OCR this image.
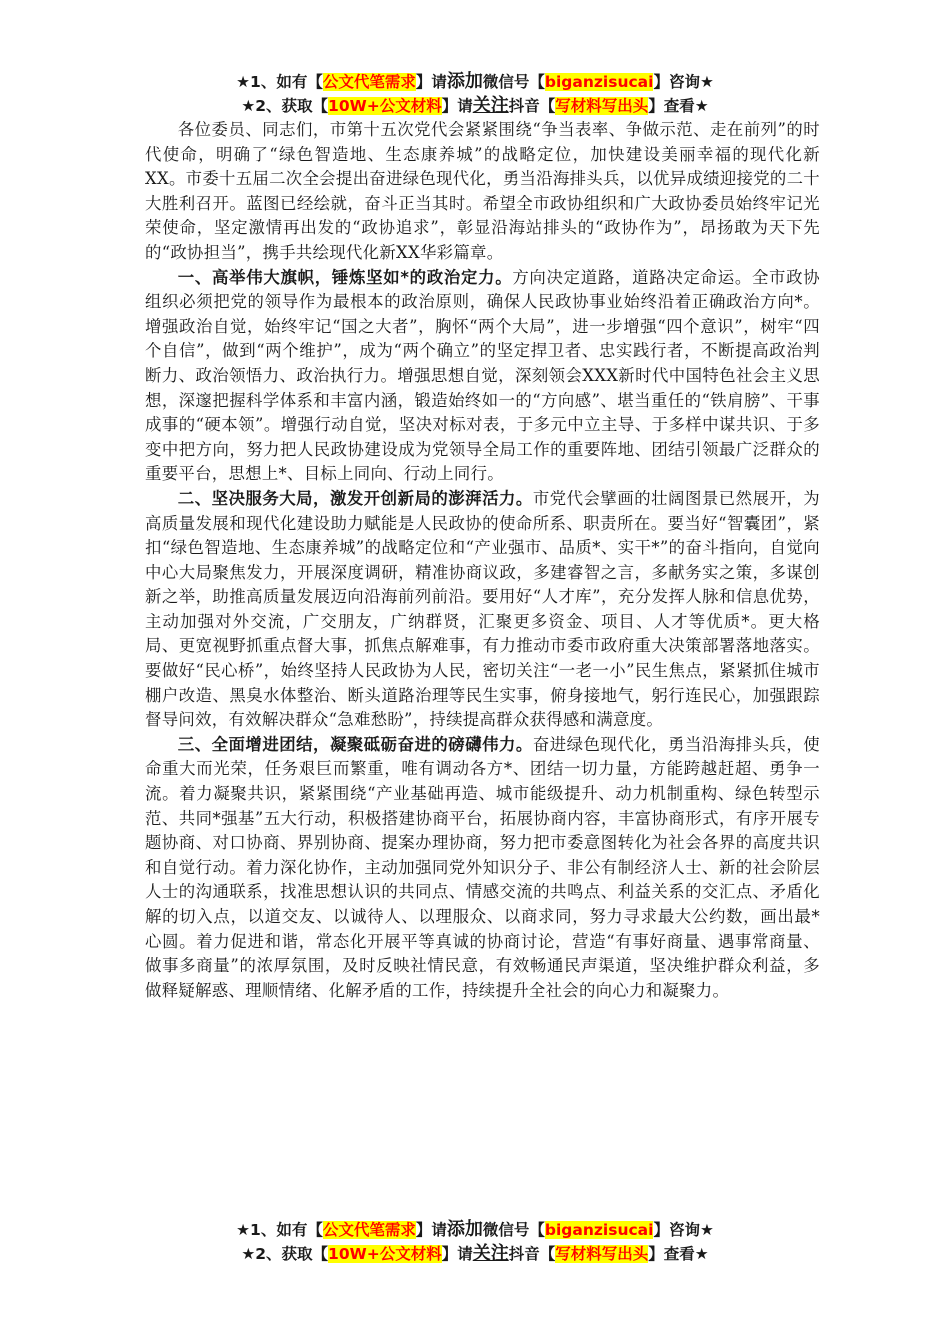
★1、如有【公文代笔需求】请添加微信号【biganzisucai】咨询★
★2、获取【10W+公文材料】请关注抖音【写材料写出头】查看★

各位委员、同志们，市第十五次党代会紧紧围绕“争当表率、争做示范、走在前列”的时代使命，明确了“绿色智造地、生态康养城”的战略定位，加快建设美丽幸福的现代化新XX。市委十五届二次全会提出奋进绿色现代化，勇当沿海排头兵，以优异成绩迎接党的二十大胜利召开。蓝图已经绘就，奋斗正当其时。希望全市政协组织和广大政协委员始终牢记光荣使命，坚定激情再出发的“政协追求”，彰显沿海站排头的“政协作为”，昂扬敢为天下先的“政协担当”，携手共绘现代化新XX华彩篇章。

一、高举伟大旗帜，锤炼坚如*的政治定力。方向决定道路，道路决定命运。全市政协组织必须把党的领导作为最根本的政治原则，确保人民政协事业始终沿着正确政治方向*。增强政治自觉，始终牢记“国之大者”，胸怀“两个大局”，进一步增强“四个意识”，树牢“四个自信”，做到“两个维护”，成为“两个确立”的坚定捍卫者、忠实践行者，不断提高政治判断力、政治领悟力、政治执行力。增强思想自觉，深刻领会XXX新时代中国特色社会主义思想，深邃把握科学体系和丰富内涵，锻造始终如一的“方向感”、堪当重任的“铁肩膀”、干事成事的“硬本领”。增强行动自觉，坚决对标对表，于多元中立主导、于多样中谋共识、于多变中把方向，努力把人民政协建设成为党领导全局工作的重要阵地、团结引领最广泛群众的重要平台，思想上*、目标上同向、行动上同行。

二、坚决服务大局，激发开创新局的澎湃活力。市党代会擘画的壮阔图景已然展开，为高质量发展和现代化建设助力赋能是人民政协的使命所系、职责所在。要当好“智囊团”，紧扣“绿色智造地、生态康养城”的战略定位和“产业强市、品质*、实干*”的奋斗指向，自觉向中心大局聚焦发力，开展深度调研，精准协商议政，多建睿智之言，多献务实之策，多谋创新之举，助推高质量发展迈向沿海前列前沿。要用好“人才库”，充分发挥人脉和信息优势，主动加强对外交流，广交朋友，广纳群贤，汇聚更多资金、项目、人才等优质*。更大格局、更宽视野抓重点督大事，抓焦点解难事，有力推动市委市政府重大决策部署落地落实。要做好“民心桥”，始终坚持人民政协为人民，密切关注“一老一小”民生焦点，紧紧抓住城市棚户改造、黑臭水体整治、断头道路治理等民生实事，俯身接地气，躬行连民心，加强跟踪督导问效，有效解决群众“急难愁盼”，持续提高群众获得感和满意度。

三、全面增进团结，凝聚砥砺奋进的磅礴伟力。奋进绿色现代化，勇当沿海排头兵，使命重大而光荣，任务艰巨而繁重，唯有调动各方*、团结一切力量，方能跨越赶超、勇争一流。着力凝聚共识，紧紧围绕“产业基础再造、城市能级提升、动力机制重构、绿色转型示范、共同*强基”五大行动，积极搭建协商平台，拓展协商内容，丰富协商形式，有序开展专题协商、对口协商、界别协商、提案办理协商，努力把市委意图转化为社会各界的高度共识和自觉行动。着力深化协作，主动加强同党外知识分子、非公有制经济人士、新的社会阶层人士的沟通联系，找准思想认识的共同点、情感交流的共鸣点、利益关系的交汇点、矛盾化解的切入点，以道交友、以诚待人、以理服众、以商求同，努力寻求最大公约数，画出最*心圆。着力促进和谐，常态化开展平等真诚的协商讨论，营造“有事好商量、遇事常商量、做事多商量”的浓厚氛围，及时反映社情民意，有效畅通民声渠道，坚决维护群众利益，多做释疑解惑、理顺情绪、化解矛盾的工作，持续提升全社会的向心力和凝聚力。

★1、如有【公文代笔需求】请添加微信号【biganzisucai】咨询★
★2、获取【10W+公文材料】请关注抖音【写材料写出头】查看★
